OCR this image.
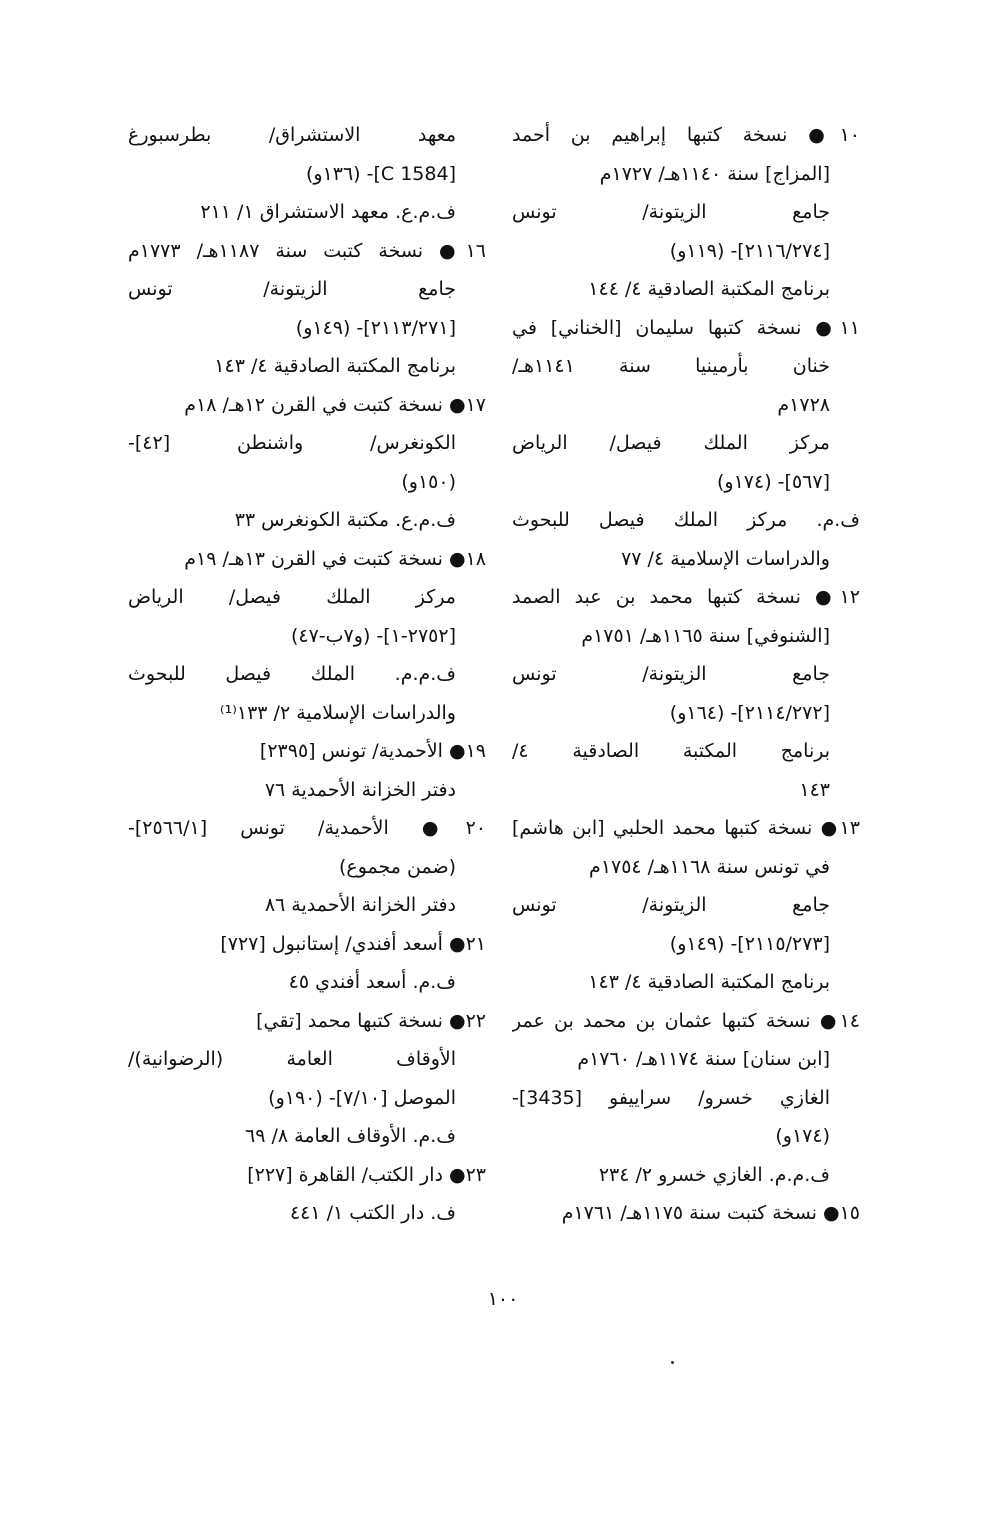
١٠● نسخة كتبها إبراهيم بن أحمد
[المزاج] سنة ١١٤٠هـ/ ١٧٢٧م
جامع الزيتونة/ تونس
[٢١١٦/٢٧٤]- (١١٩و)
برنامج المكتبة الصادقية ٤/ ١٤٤
١١● نسخة كتبها سليمان [الخناني] في
خنان بأرمينيا سنة ١١٤١هـ/
١٧٢٨م
مركز الملك فيصل/ الرياض
[٥٦٧]- (١٧٤و)
ف.م. مركز الملك فيصل للبحوث
والدراسات الإسلامية ٤/ ٧٧
١٢● نسخة كتبها محمد بن عبد الصمد
[الشنوفي] سنة ١١٦٥هـ/ ١٧٥١م
جامع الزيتونة/ تونس
[٢١١٤/٢٧٢]- (١٦٤و)
برنامج المكتبة الصادقية ٤/
١٤٣
١٣● نسخة كتبها محمد الحلبي [ابن هاشم]
في تونس سنة ١١٦٨هـ/ ١٧٥٤م
جامع الزيتونة/ تونس
[٢١١٥/٢٧٣]- (١٤٩و)
برنامج المكتبة الصادقية ٤/ ١٤٣
١٤● نسخة كتبها عثمان بن محمد بن عمر
[ابن سنان] سنة ١١٧٤هـ/ ١٧٦٠م
الغازي خسرو/ سراييفو [3435]-
(١٧٤و)
ف.م.م. الغازي خسرو ٢/ ٢٣٤
١٥● نسخة كتبت سنة ١١٧٥هـ/ ١٧٦١م
معهد الاستشراق/ بطرسبورغ
[C 1584]- (١٣٦و)
ف.م.ع. معهد الاستشراق ١/ ٢١١
١٦● نسخة كتبت سنة ١١٨٧هـ/ ١٧٧٣م
جامع الزيتونة/ تونس
[٢١١٣/٢٧١]- (١٤٩و)
برنامج المكتبة الصادقية ٤/ ١٤٣
١٧● نسخة كتبت في القرن ١٢هـ/ ١٨م
الكونغرس/ واشنطن [٤٢]-
(١٥٠و)
ف.م.ع. مكتبة الكونغرس ٣٣
١٨● نسخة كتبت في القرن ١٣هـ/ ١٩م
مركز الملك فيصل/ الرياض
[٢٧٥٢-١]- (و٧ب-٤٧)
ف.م.م. الملك فيصل للبحوث
والدراسات الإسلامية ٢/ ١٣٣⁽¹⁾
١٩● الأحمدية/ تونس [٢٣٩٥]
دفتر الخزانة الأحمدية ٧٦
٢٠● الأحمدية/ تونس [٢٥٦٦/١]-
(ضمن مجموع)
دفتر الخزانة الأحمدية ٨٦
٢١● أسعد أفندي/ إستانبول [٧٢٧]
ف.م. أسعد أفندي ٤٥
٢٢● نسخة كتبها محمد [تقي]
الأوقاف العامة (الرضوانية)/
الموصل [٧/١٠]- (١٩٠و)
ف.م. الأوقاف العامة ٨/ ٦٩
٢٣● دار الكتب/ القاهرة [٢٢٧]
ف. دار الكتب ١/ ٤٤١
١٠٠
